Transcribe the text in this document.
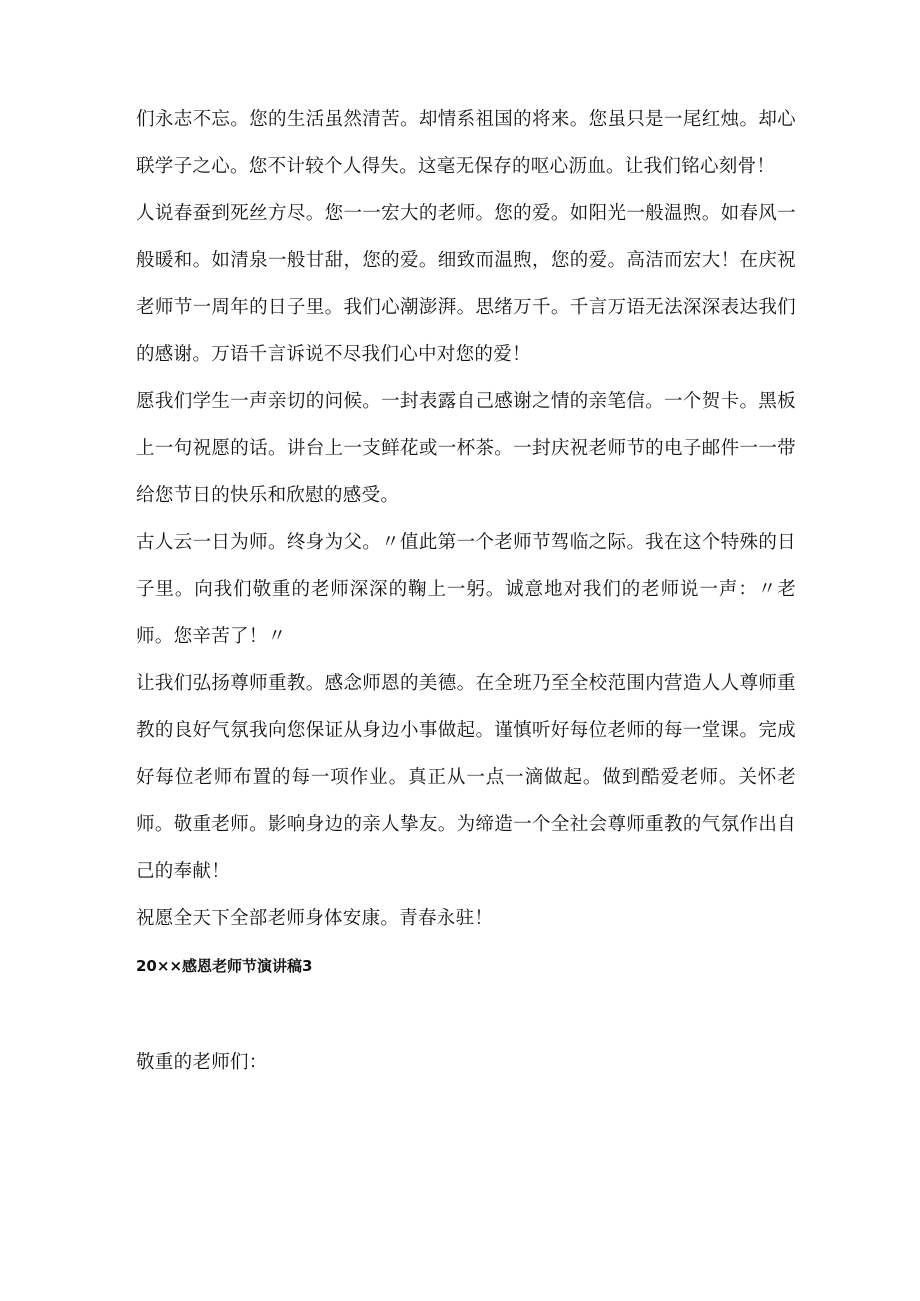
们永志不忘。您的生活虽然清苦。却情系祖国的将来。您虽只是一尾红烛。却心联学子之心。您不计较个人得失。这毫无保存的呕心沥血。让我们铭心刻骨！

人说春蚕到死丝方尽。您一一宏大的老师。您的爱。如阳光一般温煦。如春风一般暖和。如清泉一般甘甜，您的爱。细致而温煦，您的爱。高洁而宏大！在庆祝老师节一周年的日子里。我们心潮澎湃。思绪万千。千言万语无法深深表达我们的感谢。万语千言诉说不尽我们心中对您的爱！

愿我们学生一声亲切的问候。一封表露自己感谢之情的亲笔信。一个贺卡。黑板上一句祝愿的话。讲台上一支鲜花或一杯茶。一封庆祝老师节的电子邮件一一带给您节日的快乐和欣慰的感受。

古人云一日为师。终身为父。〃值此第一个老师节驾临之际。我在这个特殊的日子里。向我们敬重的老师深深的鞠上一躬。诚意地对我们的老师说一声：〃老师。您辛苦了！〃

让我们弘扬尊师重教。感念师恩的美德。在全班乃至全校范围内营造人人尊师重教的良好气氛我向您保证从身边小事做起。谨慎听好每位老师的每一堂课。完成好每位老师布置的每一项作业。真正从一点一滴做起。做到酷爱老师。关怀老师。敬重老师。影响身边的亲人挚友。为缔造一个全社会尊师重教的气氛作出自己的奉献！

祝愿全天下全部老师身体安康。青春永驻！

20××感恩老师节演讲稿3

敬重的老师们：
